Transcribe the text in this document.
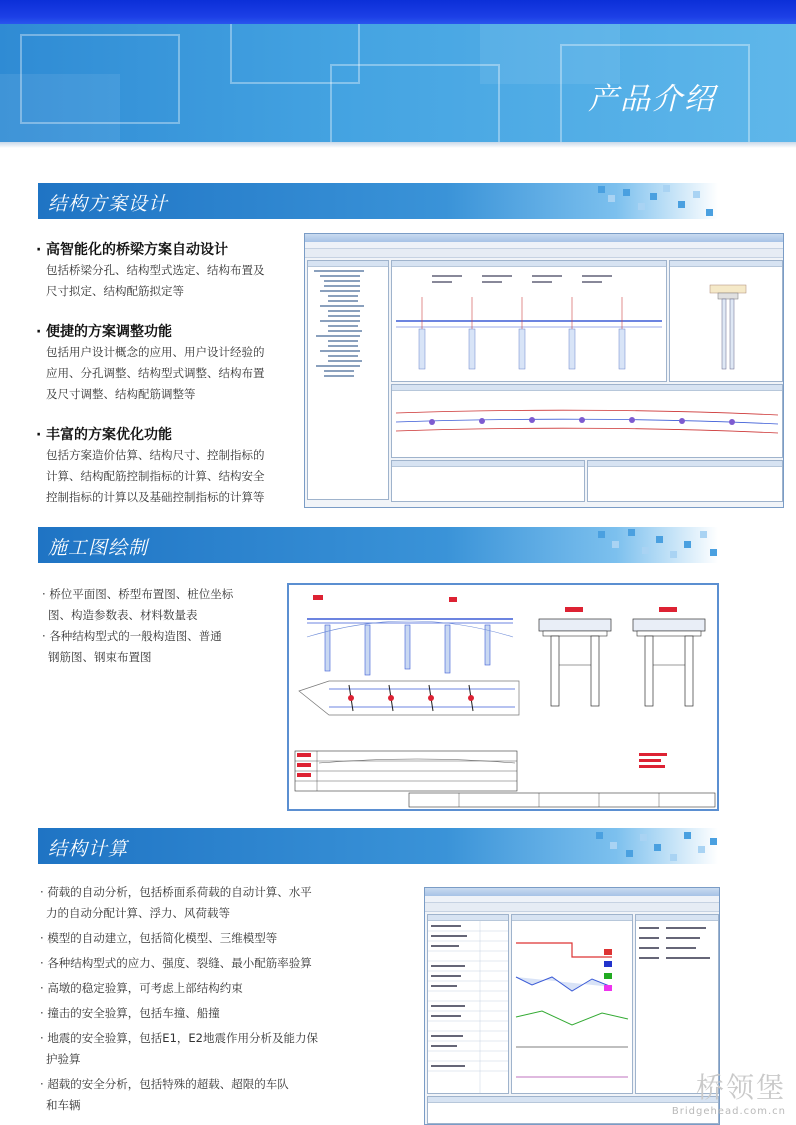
产品介绍
结构方案设计
· 高智能化的桥梁方案自动设计
包括桥梁分孔、结构型式选定、结构布置及
尺寸拟定、结构配筋拟定等
· 便捷的方案调整功能
包括用户设计概念的应用、用户设计经验的
应用、分孔调整、结构型式调整、结构布置
及尺寸调整、结构配筋调整等
· 丰富的方案优化功能
包括方案造价估算、结构尺寸、控制指标的
计算、结构配筋控制指标的计算、结构安全
控制指标的计算以及基础控制指标的计算等
施工图绘制
· 桥位平面图、桥型布置图、桩位坐标
图、构造参数表、材料数量表
· 各种结构型式的一般构造图、普通
钢筋图、钢束布置图
结构计算
· 荷载的自动分析，包括桥面系荷载的自动计算、水平
力的自动分配计算、浮力、风荷载等
· 模型的自动建立，包括简化模型、三维模型等
· 各种结构型式的应力、强度、裂缝、最小配筋率验算
· 高墩的稳定验算，可考虑上部结构约束
· 撞击的安全验算，包括车撞、船撞
· 地震的安全验算，包括E1，E2地震作用分析及能力保
护验算
· 超载的安全分析，包括特殊的超载、超限的车队
和车辆
桥领堡
Bridgehead.com.cn
